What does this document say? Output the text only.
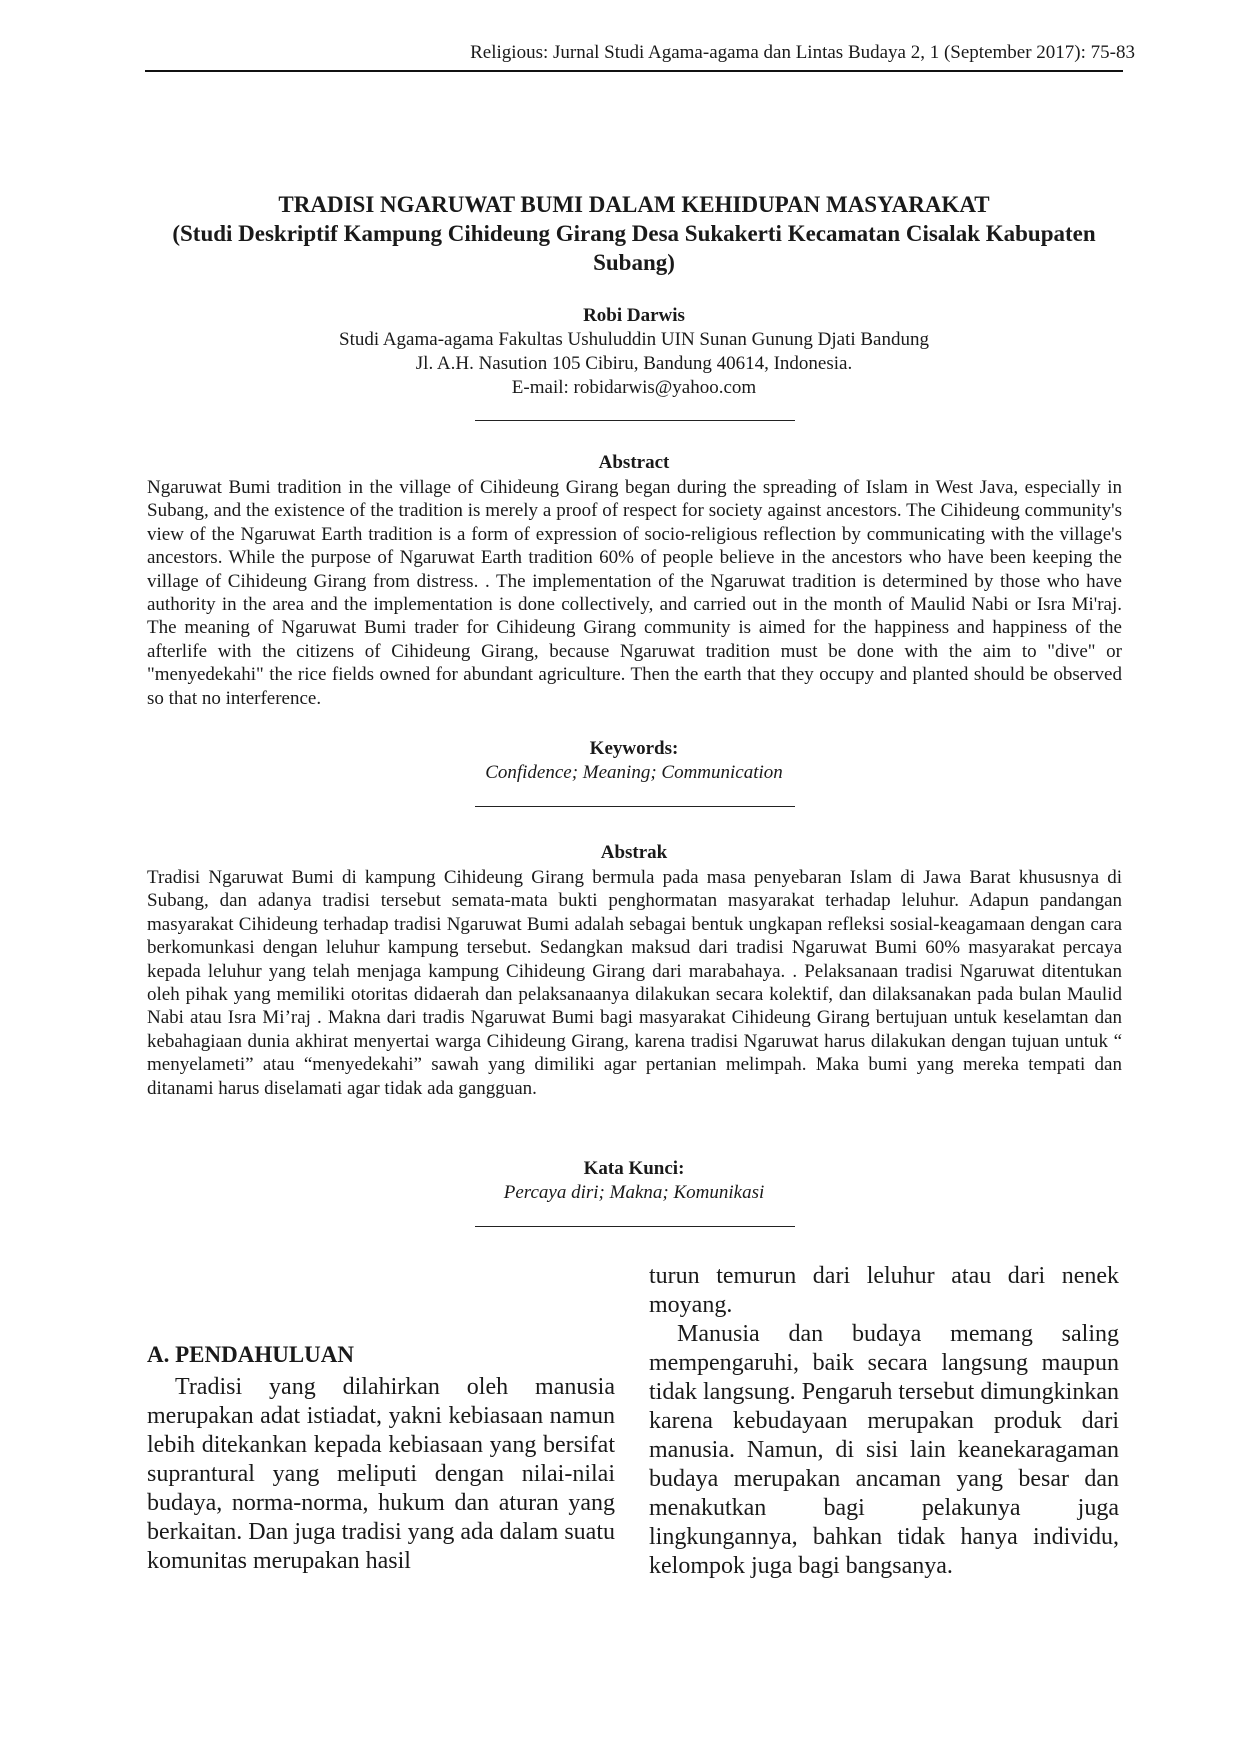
Religious: Jurnal Studi Agama-agama dan Lintas Budaya 2, 1 (September 2017): 75-83

TRADISI NGARUWAT BUMI DALAM KEHIDUPAN MASYARAKAT

(Studi Deskriptif Kampung Cihideung Girang Desa Sukakerti Kecamatan Cisalak Kabupaten Subang)

Robi Darwis
Studi Agama-agama Fakultas Ushuluddin UIN Sunan Gunung Djati Bandung
Jl. A.H. Nasution 105 Cibiru, Bandung 40614, Indonesia.
E-mail: robidarwis@yahoo.com
Abstract

Ngaruwat Bumi tradition in the village of Cihideung Girang began during the spreading of Islam in West Java, especially in Subang, and the existence of the tradition is merely a proof of respect for society against ancestors. The Cihideung community's view of the Ngaruwat Earth tradition is a form of expression of socio-religious reflection by communicating with the village's ancestors. While the purpose of Ngaruwat Earth tradition 60% of people believe in the ancestors who have been keeping the village of Cihideung Girang from distress. . The implementation of the Ngaruwat tradition is determined by those who have authority in the area and the implementation is done collectively, and carried out in the month of Maulid Nabi or Isra Mi'raj. The meaning of Ngaruwat Bumi trader for Cihideung Girang community is aimed for the happiness and happiness of the afterlife with the citizens of Cihideung Girang, because Ngaruwat tradition must be done with the aim to "dive" or "menyedekahi" the rice fields owned for abundant agriculture. Then the earth that they occupy and planted should be observed so that no interference.

Keywords:
Confidence; Meaning; Communication
Abstrak

Tradisi Ngaruwat Bumi di kampung Cihideung Girang bermula pada masa penyebaran Islam di Jawa Barat khususnya di Subang, dan adanya tradisi tersebut semata-mata bukti penghormatan masyarakat terhadap leluhur. Adapun pandangan masyarakat Cihideung terhadap tradisi Ngaruwat Bumi adalah sebagai bentuk ungkapan refleksi sosial-keagamaan dengan cara berkomunkasi dengan leluhur kampung tersebut. Sedangkan maksud dari tradisi Ngaruwat Bumi 60% masyarakat percaya kepada leluhur yang telah menjaga kampung Cihideung Girang dari marabahaya. . Pelaksanaan tradisi Ngaruwat ditentukan oleh pihak yang memiliki otoritas didaerah dan pelaksanaanya dilakukan secara kolektif, dan dilaksanakan pada bulan Maulid Nabi atau Isra Mi’raj . Makna dari tradis Ngaruwat Bumi bagi masyarakat Cihideung Girang bertujuan untuk keselamtan dan kebahagiaan dunia akhirat menyertai warga Cihideung Girang, karena tradisi Ngaruwat harus dilakukan dengan tujuan untuk “ menyelameti” atau “menyedekahi” sawah yang dimiliki agar pertanian melimpah. Maka bumi yang mereka tempati dan ditanami harus diselamati agar tidak ada gangguan.

Kata Kunci:
Percaya diri; Makna; Komunikasi
A. PENDAHULUAN

Tradisi yang dilahirkan oleh manusia merupakan adat istiadat, yakni kebiasaan namun lebih ditekankan kepada kebiasaan yang bersifat suprantural yang meliputi dengan nilai-nilai budaya, norma-norma, hukum dan aturan yang berkaitan. Dan juga tradisi yang ada dalam suatu komunitas merupakan hasil

turun temurun dari leluhur atau dari nenek moyang.

Manusia dan budaya memang saling mempengaruhi, baik secara langsung maupun tidak langsung. Pengaruh tersebut dimungkinkan karena kebudayaan merupakan produk dari manusia. Namun, di sisi lain keanekaragaman budaya merupakan ancaman yang besar dan menakutkan bagi pelakunya juga lingkungannya, bahkan tidak hanya individu, kelompok juga bagi bangsanya.
